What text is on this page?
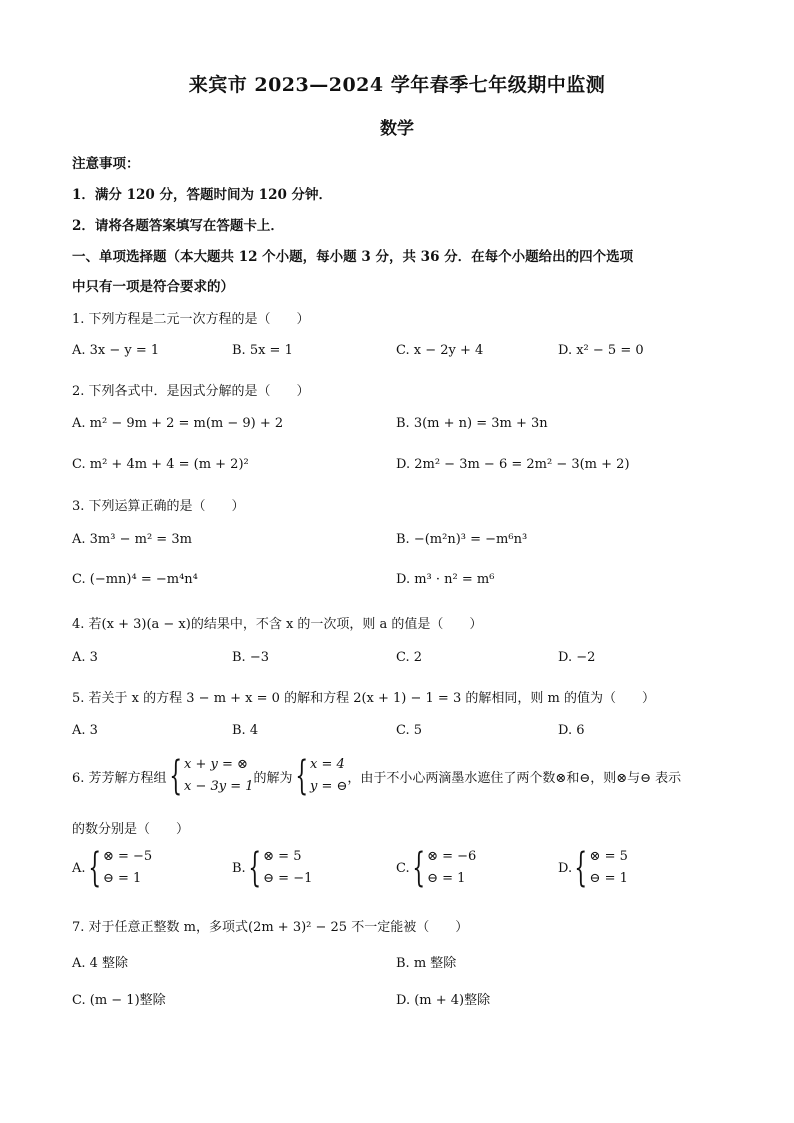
来宾市 2023—2024 学年春季七年级期中监测
数学
注意事项：
1．满分 120 分，答题时间为 120 分钟．
2．请将各题答案填写在答题卡上．
一、单项选择题（本大题共 12 个小题，每小题 3 分，共 36 分．在每个小题给出的四个选项
中只有一项是符合要求的）
1. 下列方程是二元一次方程的是（　　）
A. 3x − y = 1	B. 5x = 1	C. x − 2y + 4	D. x² − 5 = 0
2. 下列各式中．是因式分解的是（　　）
A. m² − 9m + 2 = m(m − 9) + 2	B. 3(m + n) = 3m + 3n
C. m² + 4m + 4 = (m + 2)²	D. 2m² − 3m − 6 = 2m² − 3(m + 2)
3. 下列运算正确的是（　　）
A. 3m³ − m² = 3m	B. −(m²n)³ = −m⁶n³
C. (−mn)⁴ = −m⁴n⁴	D. m³ · n² = m⁶
4. 若(x + 3)(a − x)的结果中，不含 x 的一次项，则 a 的值是（　　）
A. 3	B. −3	C. 2	D. −2
5. 若关于 x 的方程 3 − m + x = 0 的解和方程 2(x + 1) − 1 = 3 的解相同，则 m 的值为（　　）
A. 3	B. 4	C. 5	D. 6
6. 芳芳解方程组 { x + y = ⊗
x − 3y = 1
的解为 { x = 4
y = ⊖
，由于不小心两滴墨水遮住了两个数⊗和⊖，则⊗与⊖ 表示
的数分别是（　　）
A. { ⊗ = −5
⊖ = 1
B. { ⊗ = 5
⊖ = −1
C. { ⊗ = −6
⊖ = 1
D. { ⊗ = 5
⊖ = 1
7. 对于任意正整数 m，多项式(2m + 3)² − 25 不一定能被（　　）
A. 4 整除	B. m 整除
C. (m − 1)整除	D. (m + 4)整除
